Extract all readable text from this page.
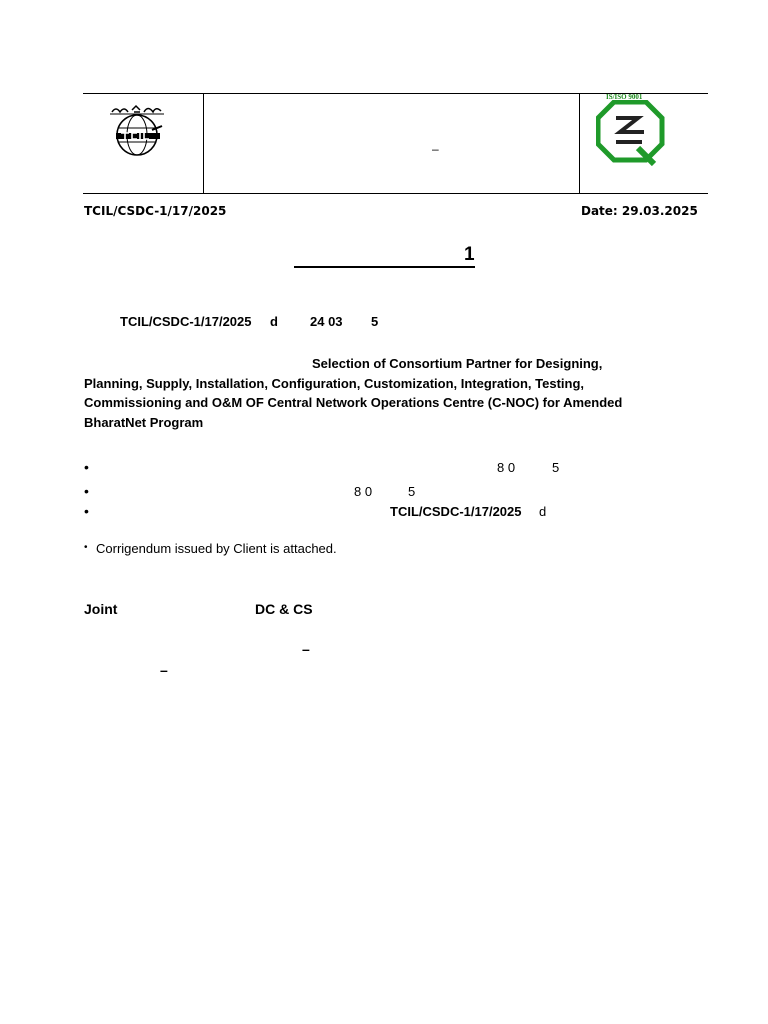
–
IS/ISO 9001
TCIL/CSDC-1/17/2025	Date: 29.03.2025
1
TCIL/CSDC-1/17/2025 d 24 03 5
Selection of Consortium Partner for Designing,
Planning, Supply, Installation, Configuration, Customization, Integration, Testing,
Commissioning and O&M OF Central Network Operations Centre (C-NOC) for Amended
BharatNet Program
•	8 0	5
•	8 0	5
•	TCIL/CSDC-1/17/2025 d
• Corrigendum issued by Client is attached.
Joint	DC & CS
–
–
